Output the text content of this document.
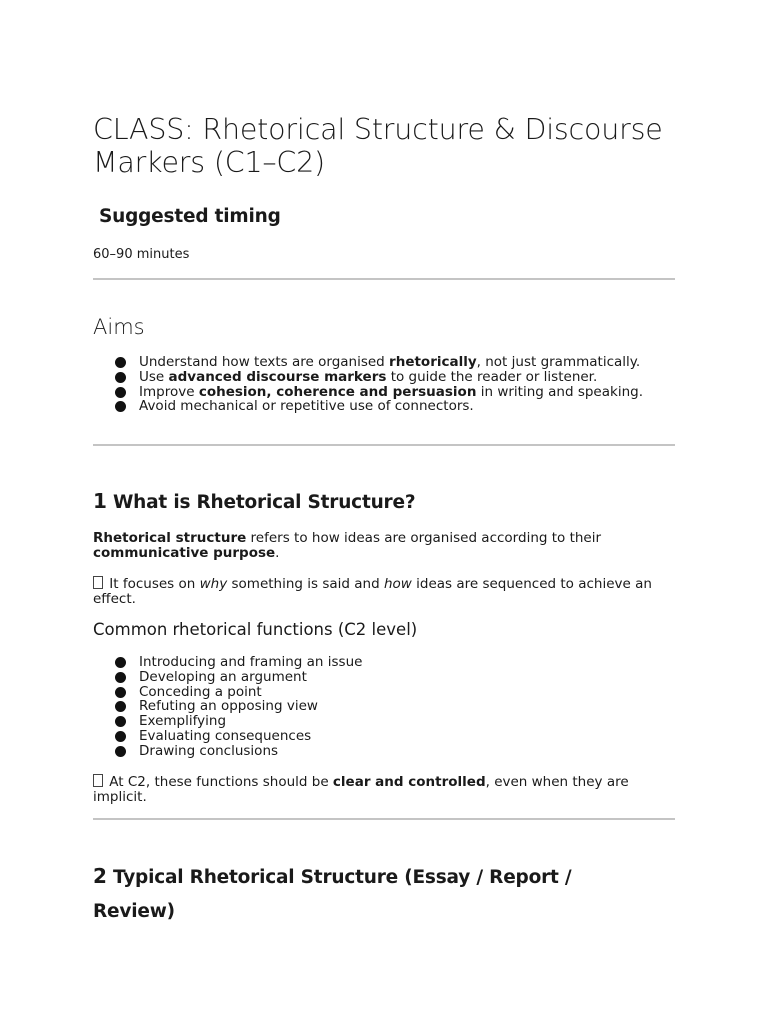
CLASS: Rhetorical Structure & Discourse Markers (C1–C2)
Suggested timing

60–90 minutes

Aims
Understand how texts are organised rhetorically, not just grammatically.
Use advanced discourse markers to guide the reader or listener.
Improve cohesion, coherence and persuasion in writing and speaking.
Avoid mechanical or repetitive use of connectors.
1 What is Rhetorical Structure?

Rhetorical structure refers to how ideas are organised according to their communicative purpose.

It focuses on why something is said and how ideas are sequenced to achieve an effect.

Common rhetorical functions (C2 level)
Introducing and framing an issue
Developing an argument
Conceding a point
Refuting an opposing view
Exemplifying
Evaluating consequences
Drawing conclusions

At C2, these functions should be clear and controlled, even when they are implicit.

2 Typical Rhetorical Structure (Essay / Report / Review)
